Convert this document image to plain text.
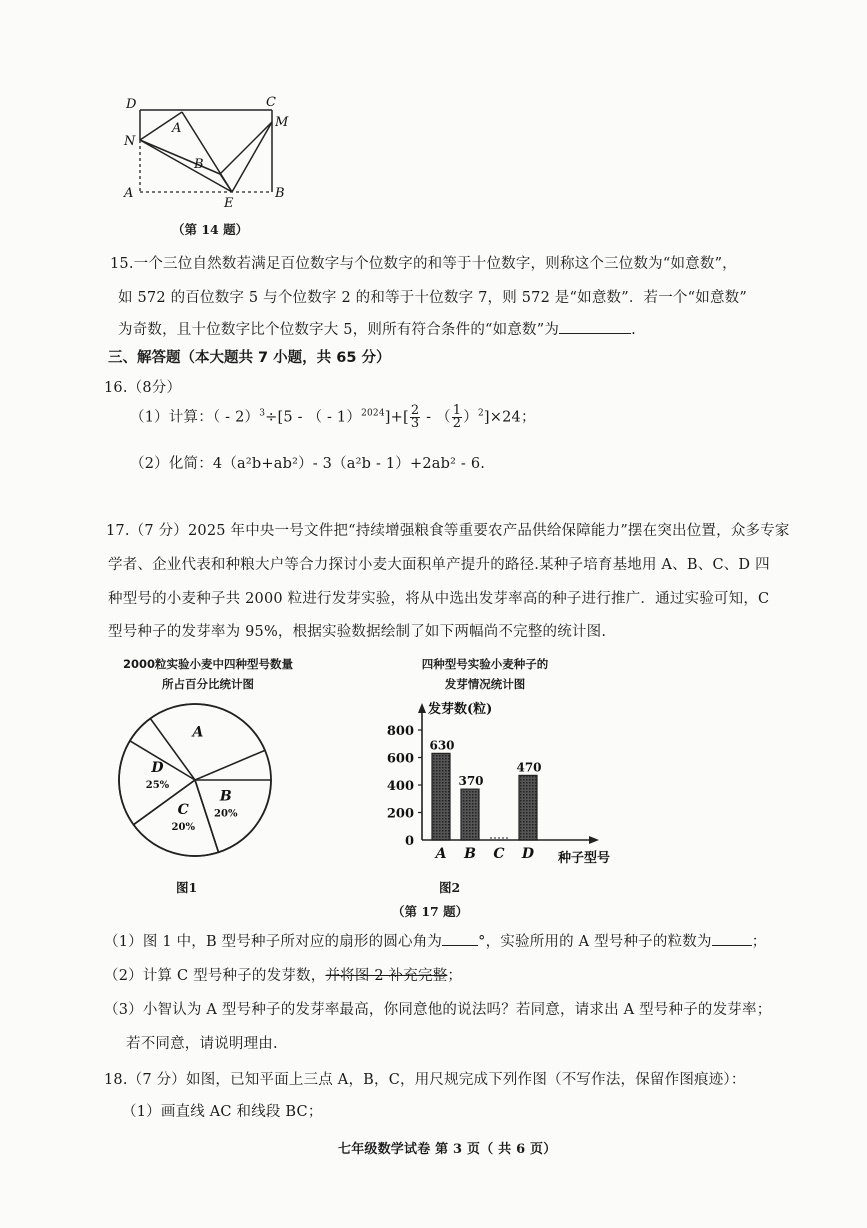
D	C
M
A
N
B
A
E
B
（第 14 题）
15.一个三位自然数若满足百位数字与个位数字的和等于十位数字，则称这个三位数为“如意数”，
如 572 的百位数字 5 与个位数字 2 的和等于十位数字 7，则 572 是“如意数”．若一个“如意数”
为奇数，且十位数字比个位数字大 5，则所有符合条件的“如意数”为	.
三、解答题（本大题共 7 小题，共 65 分）
16.（8分）
（1）计算：（ - 2）$^3$÷[5 - （ - $1)^{2024}]+[ \frac{2}{3}$ - （ $\frac{1}{2} )^2]\times 24$；
（2）化简：4（a²b+ab²）- 3（a²b - 1）+2ab² - 6.
17.（7 分）2025 年中央一号文件把“持续增强粮食等重要农产品供给保障能力”摆在突出位置，众多专家
学者、企业代表和种粮大户等合力探讨小麦大面积单产提升的路径.某种子培育基地用 A、B、C、D 四
种型号的小麦种子共 2000 粒进行发芽实验，将从中选出发芽率高的种子进行推广．通过实验可知，C
型号种子的发芽率为 95%，根据实验数据绘制了如下两幅尚不完整的统计图.
2000粒实验小麦中四种型号数量
所占百分比统计图
A
B
20%
C
20%
D
25%
图1
四种型号实验小麦种子的
发芽情况统计图
发芽数(粒)
种子型号
0
200
400
600
800
630
A
370
B C
470
D
图2
（第 17 题）
（1）图 1 中，B 型号种子所对应的扇形的圆心角为 °，实验所用的 A 型号种子的粒数为	；
（2）计算 C 型号种子的发芽数，并将图 2 补充完整；
（3）小智认为 A 型号种子的发芽率最高，你同意他的说法吗？若同意，请求出 A 型号种子的发芽率；
若不同意，请说明理由.
18.（7 分）如图，已知平面上三点 A，B，C，用尺规完成下列作图（不写作法，保留作图痕迹）：
（1）画直线 AC 和线段 BC；
七年级数学试卷 第 3 页（ 共 6 页）
